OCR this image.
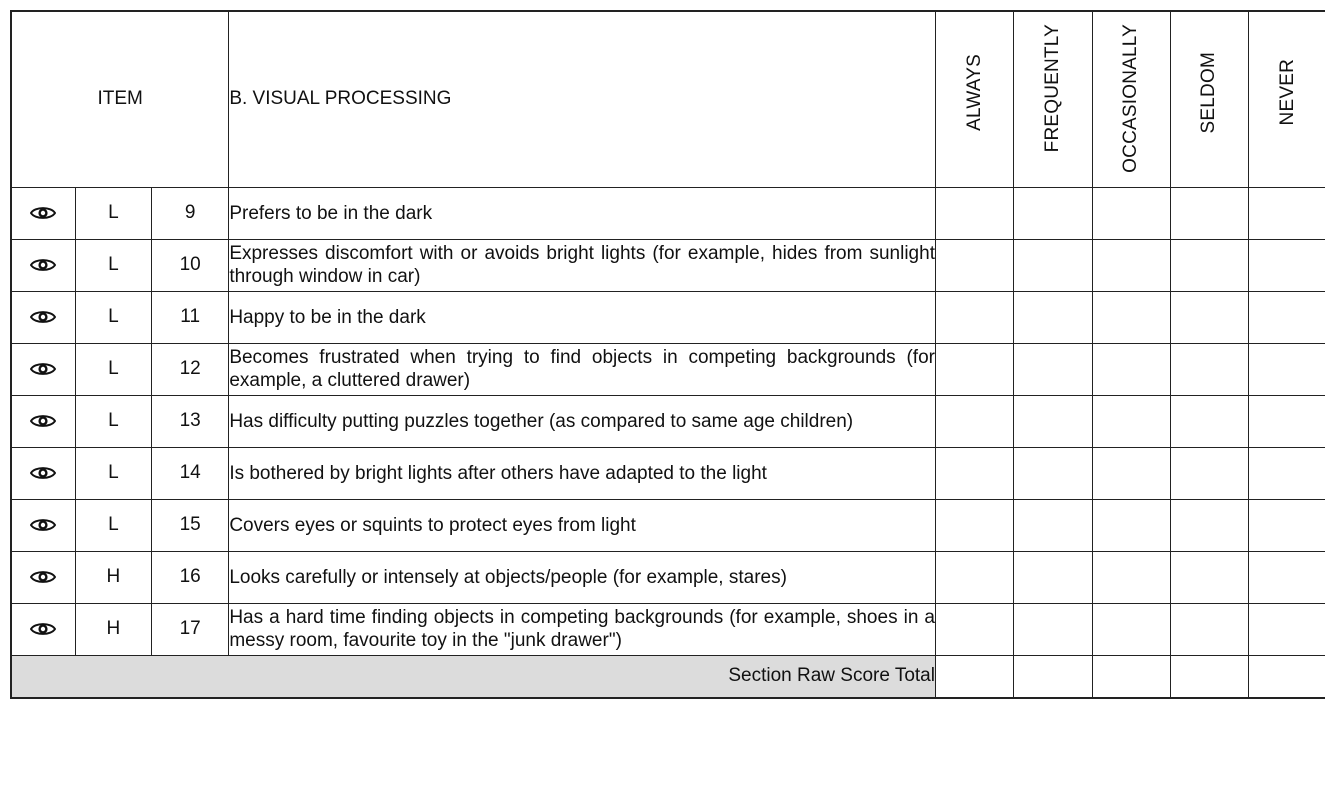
ITEM			B. VISUAL PROCESSING	ALWAYS	FREQUENTLY	OCCASIONALLY	SELDOM	NEVER

	L	9	Prefers to be in the dark					

	L	10	Expresses discomfort with or avoids bright lights (for example, hides from sunlight through window in car)					

	L	11	Happy to be in the dark					

	L	12	Becomes frustrated when trying to find objects in competing backgrounds (for example, a cluttered drawer)					

	L	13	Has difficulty putting puzzles together (as compared to same age children)					

	L	14	Is bothered by bright lights after others have adapted to the light					

	L	15	Covers eyes or squints to protect eyes from light					

	H	16	Looks carefully or intensely at objects/people (for example, stares)					

	H	17	Has a hard time finding objects in competing backgrounds (for example, shoes in a messy room, favourite toy in the "junk drawer")					

Section Raw Score Total								
